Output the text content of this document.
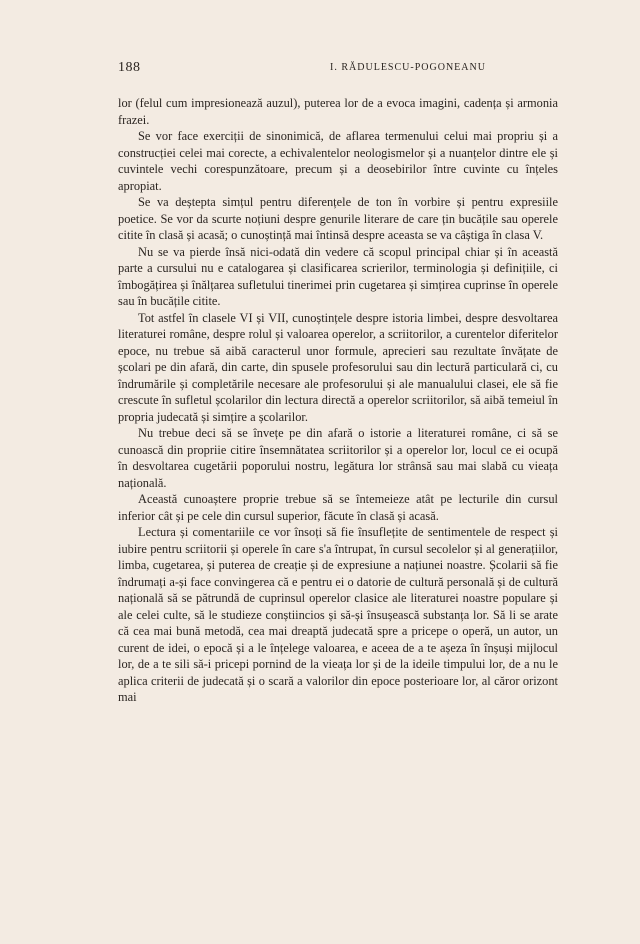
188	I. RĂDULESCU-POGONEANU

lor (felul cum impresionează auzul), puterea lor de a evoca imagini, cadența și armonia frazei.

Se vor face exerciții de sinonimică, de aflarea termenului celui mai propriu și a construcției celei mai corecte, a echivalentelor neologismelor și a nuanțelor dintre ele și cuvintele vechi corespunzătoare, precum și a deosebirilor între cuvinte cu înțeles apropiat.

Se va deștepta simțul pentru diferențele de ton în vorbire și pentru expresiile poetice. Se vor da scurte noțiuni despre genurile literare de care țin bucățile sau operele citite în clasă și acasă; o cunoștință mai întinsă despre aceasta se va câștiga în clasa V.

Nu se va pierde însă nici-odată din vedere că scopul principal chiar și în această parte a cursului nu e catalogarea și clasificarea scrierilor, terminologia și definițiile, ci îmbogățirea și înălțarea sufletului tinerimei prin cugetarea și simțirea cuprinse în operele sau în bucățile citite.

Tot astfel în clasele VI și VII, cunoștințele despre istoria limbei, despre desvoltarea literaturei române, despre rolul și valoarea operelor, a scriitorilor, a curentelor diferitelor epoce, nu trebue să aibă caracterul unor formule, aprecieri sau rezultate învățate de școlari pe din afară, din carte, din spusele profesorului sau din lectură particulară ci, cu îndrumările și completările necesare ale profesorului și ale manualului clasei, ele să fie crescute în sufletul școlarilor din lectura directă a operelor scriitorilor, să aibă temeiul în propria judecată și simțire a școlarilor.

Nu trebue deci să se învețe pe din afară o istorie a literaturei române, ci să se cunoască din propriie citire însemnătatea scriitorilor și a operelor lor, locul ce ei ocupă în desvoltarea cugetării poporului nostru, legătura lor strânsă sau mai slabă cu vieața națională.

Această cunoaștere proprie trebue să se întemeieze atât pe lecturile din cursul inferior cât și pe cele din cursul superior, făcute în clasă și acasă.

Lectura și comentariile ce vor însoți să fie însuflețite de sentimentele de respect și iubire pentru scriitorii și operele în care s'a întrupat, în cursul secolelor și al generațiilor, limba, cugetarea, și puterea de creație și de expresiune a națiunei noastre. Școlarii să fie îndrumați a-și face convingerea că e pentru ei o datorie de cultură personală și de cultură națională să se pătrundă de cuprinsul operelor clasice ale literaturei noastre populare și ale celei culte, să le studieze conștiincios și să-și însușească substanța lor. Să li se arate că cea mai bună metodă, cea mai dreaptă judecată spre a pricepe o operă, un autor, un curent de idei, o epocă și a le înțelege valoarea, e aceea de a te așeza în înșuși mijlocul lor, de a te sili să-i pricepi pornind de la vieața lor și de la ideile timpului lor, de a nu le aplica criterii de judecată și o scară a valorilor din epoce posterioare lor, al căror orizont mai
